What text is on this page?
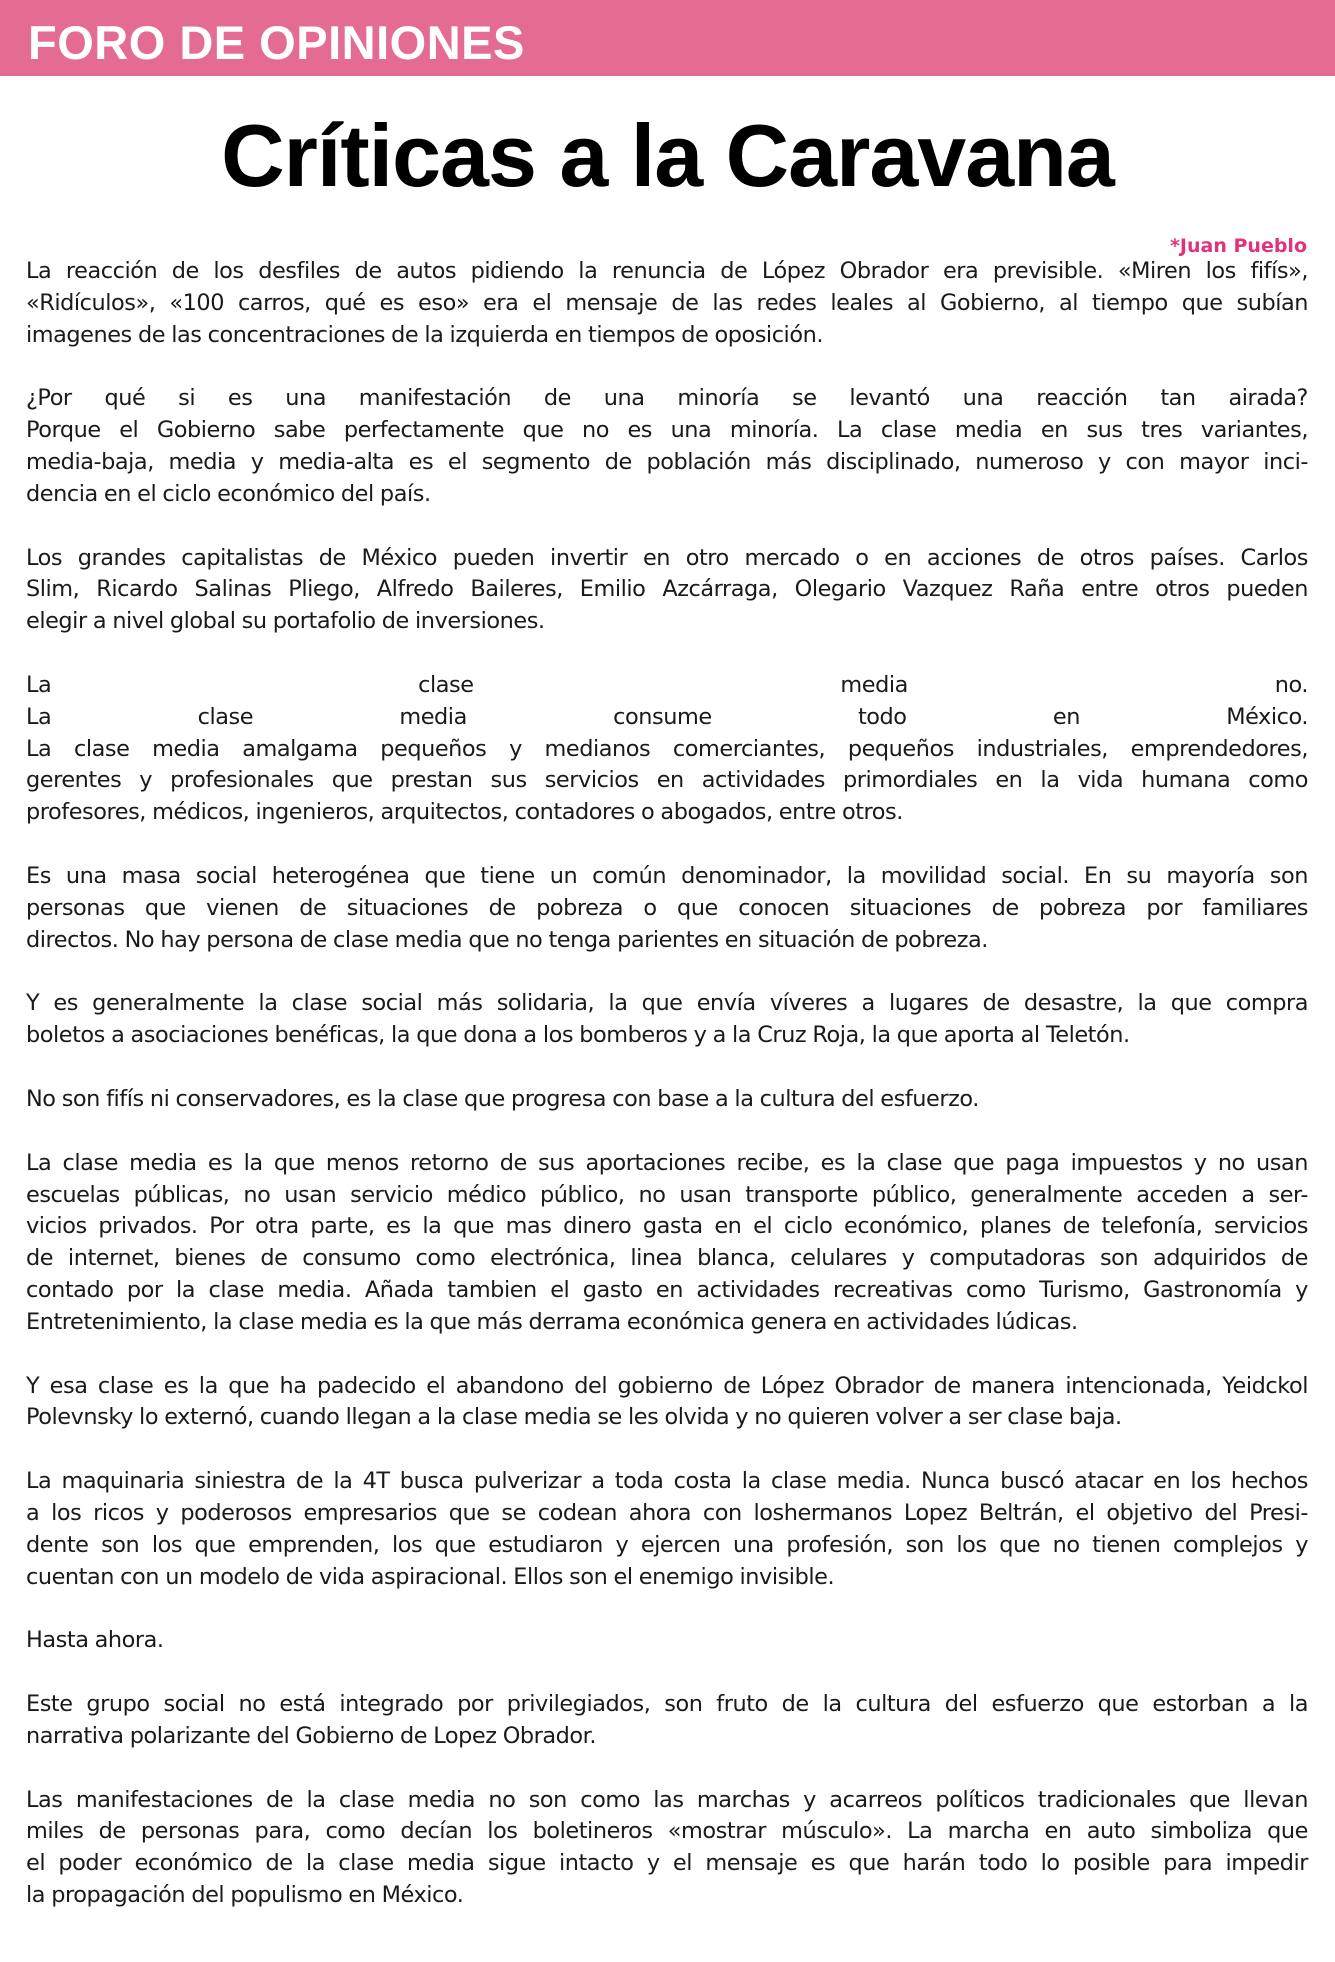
FORO DE OPINIONES
Críticas a la Caravana
*Juan Pueblo

La reacción de los desfiles de autos pidiendo la renuncia de López Obrador era previsible. «Miren los fifís»,
«Ridículos», «100 carros, qué es eso» era el mensaje de las redes leales al Gobierno, al tiempo que subían
imagenes de las concentraciones de la izquierda en tiempos de oposición.

¿Por qué si es una manifestación de una minoría se levantó una reacción tan airada?
Porque el Gobierno sabe perfectamente que no es una minoría. La clase media en sus tres variantes,
media-baja, media y media-alta es el segmento de población más disciplinado, numeroso y con mayor inci-
dencia en el ciclo económico del país.

Los grandes capitalistas de México pueden invertir en otro mercado o en acciones de otros países. Carlos
Slim, Ricardo Salinas Pliego, Alfredo Baileres, Emilio Azcárraga, Olegario Vazquez Raña entre otros pueden
elegir a nivel global su portafolio de inversiones.

La clase media no.
La clase media consume todo en México.
La clase media amalgama pequeños y medianos comerciantes, pequeños industriales, emprendedores,
gerentes y profesionales que prestan sus servicios en actividades primordiales en la vida humana como
profesores, médicos, ingenieros, arquitectos, contadores o abogados, entre otros.

Es una masa social heterogénea que tiene un común denominador, la movilidad social. En su mayoría son
personas que vienen de situaciones de pobreza o que conocen situaciones de pobreza por familiares
directos. No hay persona de clase media que no tenga parientes en situación de pobreza.

Y es generalmente la clase social más solidaria, la que envía víveres a lugares de desastre, la que compra
boletos a asociaciones benéficas, la que dona a los bomberos y a la Cruz Roja, la que aporta al Teletón.

No son fifís ni conservadores, es la clase que progresa con base a la cultura del esfuerzo.

La clase media es la que menos retorno de sus aportaciones recibe, es la clase que paga impuestos y no usan
escuelas públicas, no usan servicio médico público, no usan transporte público, generalmente acceden a ser-
vicios privados. Por otra parte, es la que mas dinero gasta en el ciclo económico, planes de telefonía, servicios
de internet, bienes de consumo como electrónica, linea blanca, celulares y computadoras son adquiridos de
contado por la clase media. Añada tambien el gasto en actividades recreativas como Turismo, Gastronomía y
Entretenimiento, la clase media es la que más derrama económica genera en actividades lúdicas.

Y esa clase es la que ha padecido el abandono del gobierno de López Obrador de manera intencionada, Yeidckol
Polevnsky lo externó, cuando llegan a la clase media se les olvida y no quieren volver a ser clase baja.

La maquinaria siniestra de la 4T busca pulverizar a toda costa la clase media. Nunca buscó atacar en los hechos
a los ricos y poderosos empresarios que se codean ahora con loshermanos Lopez Beltrán, el objetivo del Presi-
dente son los que emprenden, los que estudiaron y ejercen una profesión, son los que no tienen complejos y
cuentan con un modelo de vida aspiracional. Ellos son el enemigo invisible.

Hasta ahora.

Este grupo social no está integrado por privilegiados, son fruto de la cultura del esfuerzo que estorban a la
narrativa polarizante del Gobierno de Lopez Obrador.

Las manifestaciones de la clase media no son como las marchas y acarreos políticos tradicionales que llevan
miles de personas para, como decían los boletineros «mostrar músculo». La marcha en auto simboliza que
el poder económico de la clase media sigue intacto y el mensaje es que harán todo lo posible para impedir
la propagación del populismo en México.
